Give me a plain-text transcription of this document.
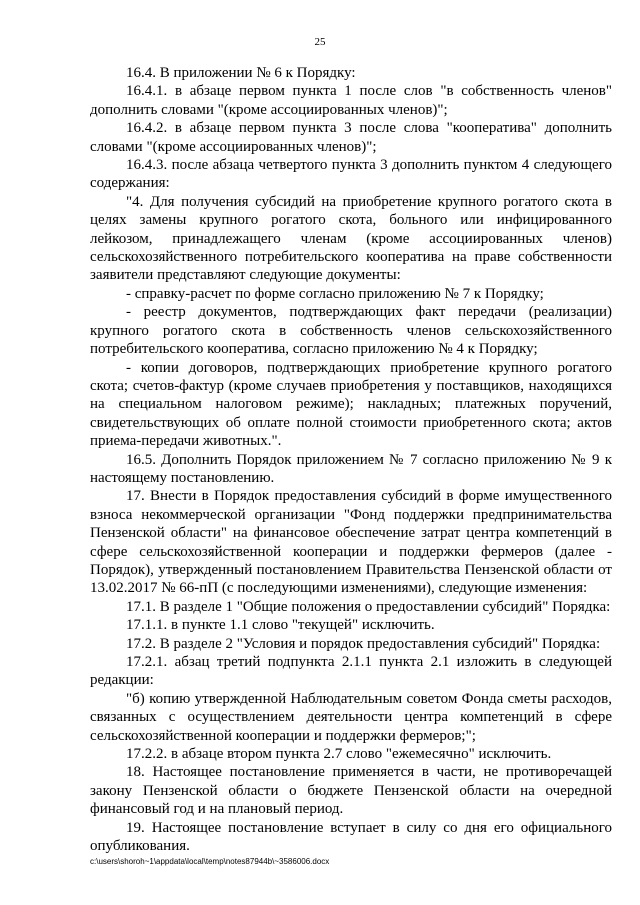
25

16.4. В приложении № 6 к Порядку:

16.4.1. в абзаце первом пункта 1 после слов "в собственность членов" дополнить словами "(кроме ассоциированных членов)";

16.4.2. в абзаце первом пункта 3 после слова "кооператива" дополнить словами "(кроме ассоциированных членов)";

16.4.3. после абзаца четвертого пункта 3 дополнить пунктом 4 следующего содержания:

"4. Для получения субсидий на приобретение крупного рогатого скота в целях замены крупного рогатого скота, больного или инфицированного лейкозом, принадлежащего членам (кроме ассоциированных членов) сельскохозяйственного потребительского кооператива на праве собственности заявители представляют следующие документы:

- справку-расчет по форме согласно приложению № 7 к Порядку;

- реестр документов, подтверждающих факт передачи (реализации) крупного рогатого скота в собственность членов сельскохозяйственного потребительского кооператива, согласно приложению № 4 к Порядку;

- копии договоров, подтверждающих приобретение крупного рогатого скота; счетов-фактур (кроме случаев приобретения у поставщиков, находящихся на специальном налоговом режиме); накладных; платежных поручений, свидетельствующих об оплате полной стоимости приобретенного скота; актов приема-передачи животных.".

16.5. Дополнить Порядок приложением № 7 согласно приложению № 9 к настоящему постановлению.

17. Внести в Порядок предоставления субсидий в форме имущественного взноса некоммерческой организации "Фонд поддержки предпринимательства Пензенской области" на финансовое обеспечение затрат центра компетенций в сфере сельскохозяйственной кооперации и поддержки фермеров (далее - Порядок), утвержденный постановлением Правительства Пензенской области от 13.02.2017 № 66-пП (с последующими изменениями), следующие изменения:

17.1. В разделе 1 "Общие положения о предоставлении субсидий" Порядка:

17.1.1. в пункте 1.1 слово "текущей" исключить.

17.2. В разделе 2 "Условия и порядок предоставления субсидий" Порядка:

17.2.1. абзац третий подпункта 2.1.1 пункта 2.1 изложить в следующей редакции:

"б) копию утвержденной Наблюдательным советом Фонда сметы расходов, связанных с осуществлением деятельности центра компетенций в сфере сельскохозяйственной кооперации и поддержки фермеров;";

17.2.2. в абзаце втором пункта 2.7 слово "ежемесячно" исключить.

18. Настоящее постановление применяется в части, не противоречащей закону Пензенской области о бюджете Пензенской области на очередной финансовый год и на плановый период.

19. Настоящее постановление вступает в силу со дня его официального опубликования.

c:\users\shoroh~1\appdata\local\temp\notes87944b\~3586006.docx
